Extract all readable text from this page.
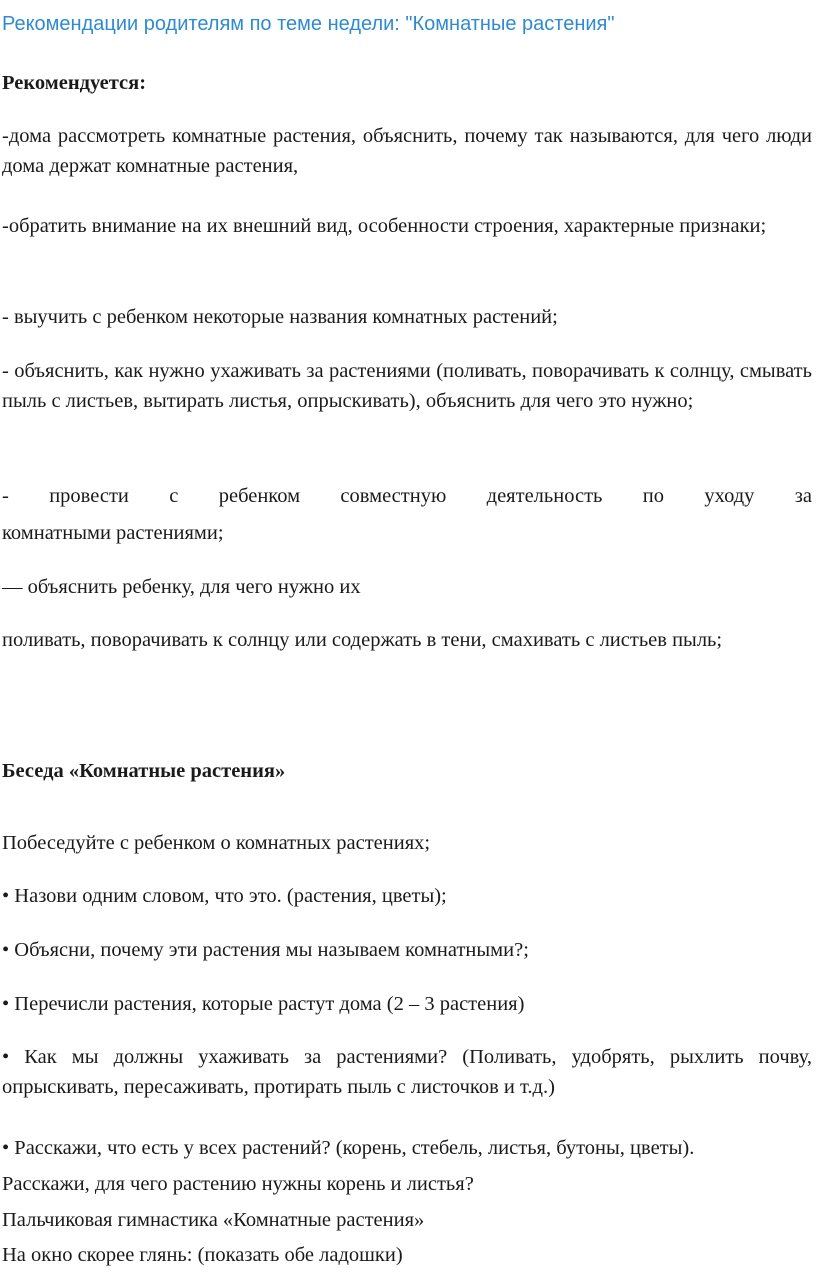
Рекомендации родителям по теме недели: "Комнатные растения"

Рекомендуется:

-дома рассмотреть комнатные растения, объяснить, почему так называются, для чего люди дома держат комнатные растения,

-обратить внимание на их внешний вид, особенности строения, характерные признаки;

- выучить с ребенком некоторые названия комнатных растений;

- объяснить, как нужно ухаживать за растениями (поливать, поворачивать к солнцу, смывать пыль с листьев, вытирать листья, опрыскивать), объяснить для чего это нужно;

- провести с ребенком совместную деятельность по уходу за

комнатными растениями;

— объяснить ребенку, для чего нужно их

поливать, поворачивать к солнцу или содержать в тени, смахивать с листьев пыль;

Беседа «Комнатные растения»

Побеседуйте с ребенком о комнатных растениях;

• Назови одним словом, что это. (растения, цветы);

• Объясни, почему эти растения мы называем комнатными?;

• Перечисли растения, которые растут дома (2 – 3 растения)

• Как мы должны ухаживать за растениями? (Поливать, удобрять, рыхлить почву, опрыскивать, пересаживать, протирать пыль с листочков и т.д.)

• Расскажи, что есть у всех растений? (корень, стебель, листья, бутоны, цветы).

Расскажи, для чего растению нужны корень и листья?

Пальчиковая гимнастика «Комнатные растения»

На окно скорее глянь: (показать обе ладошки)
